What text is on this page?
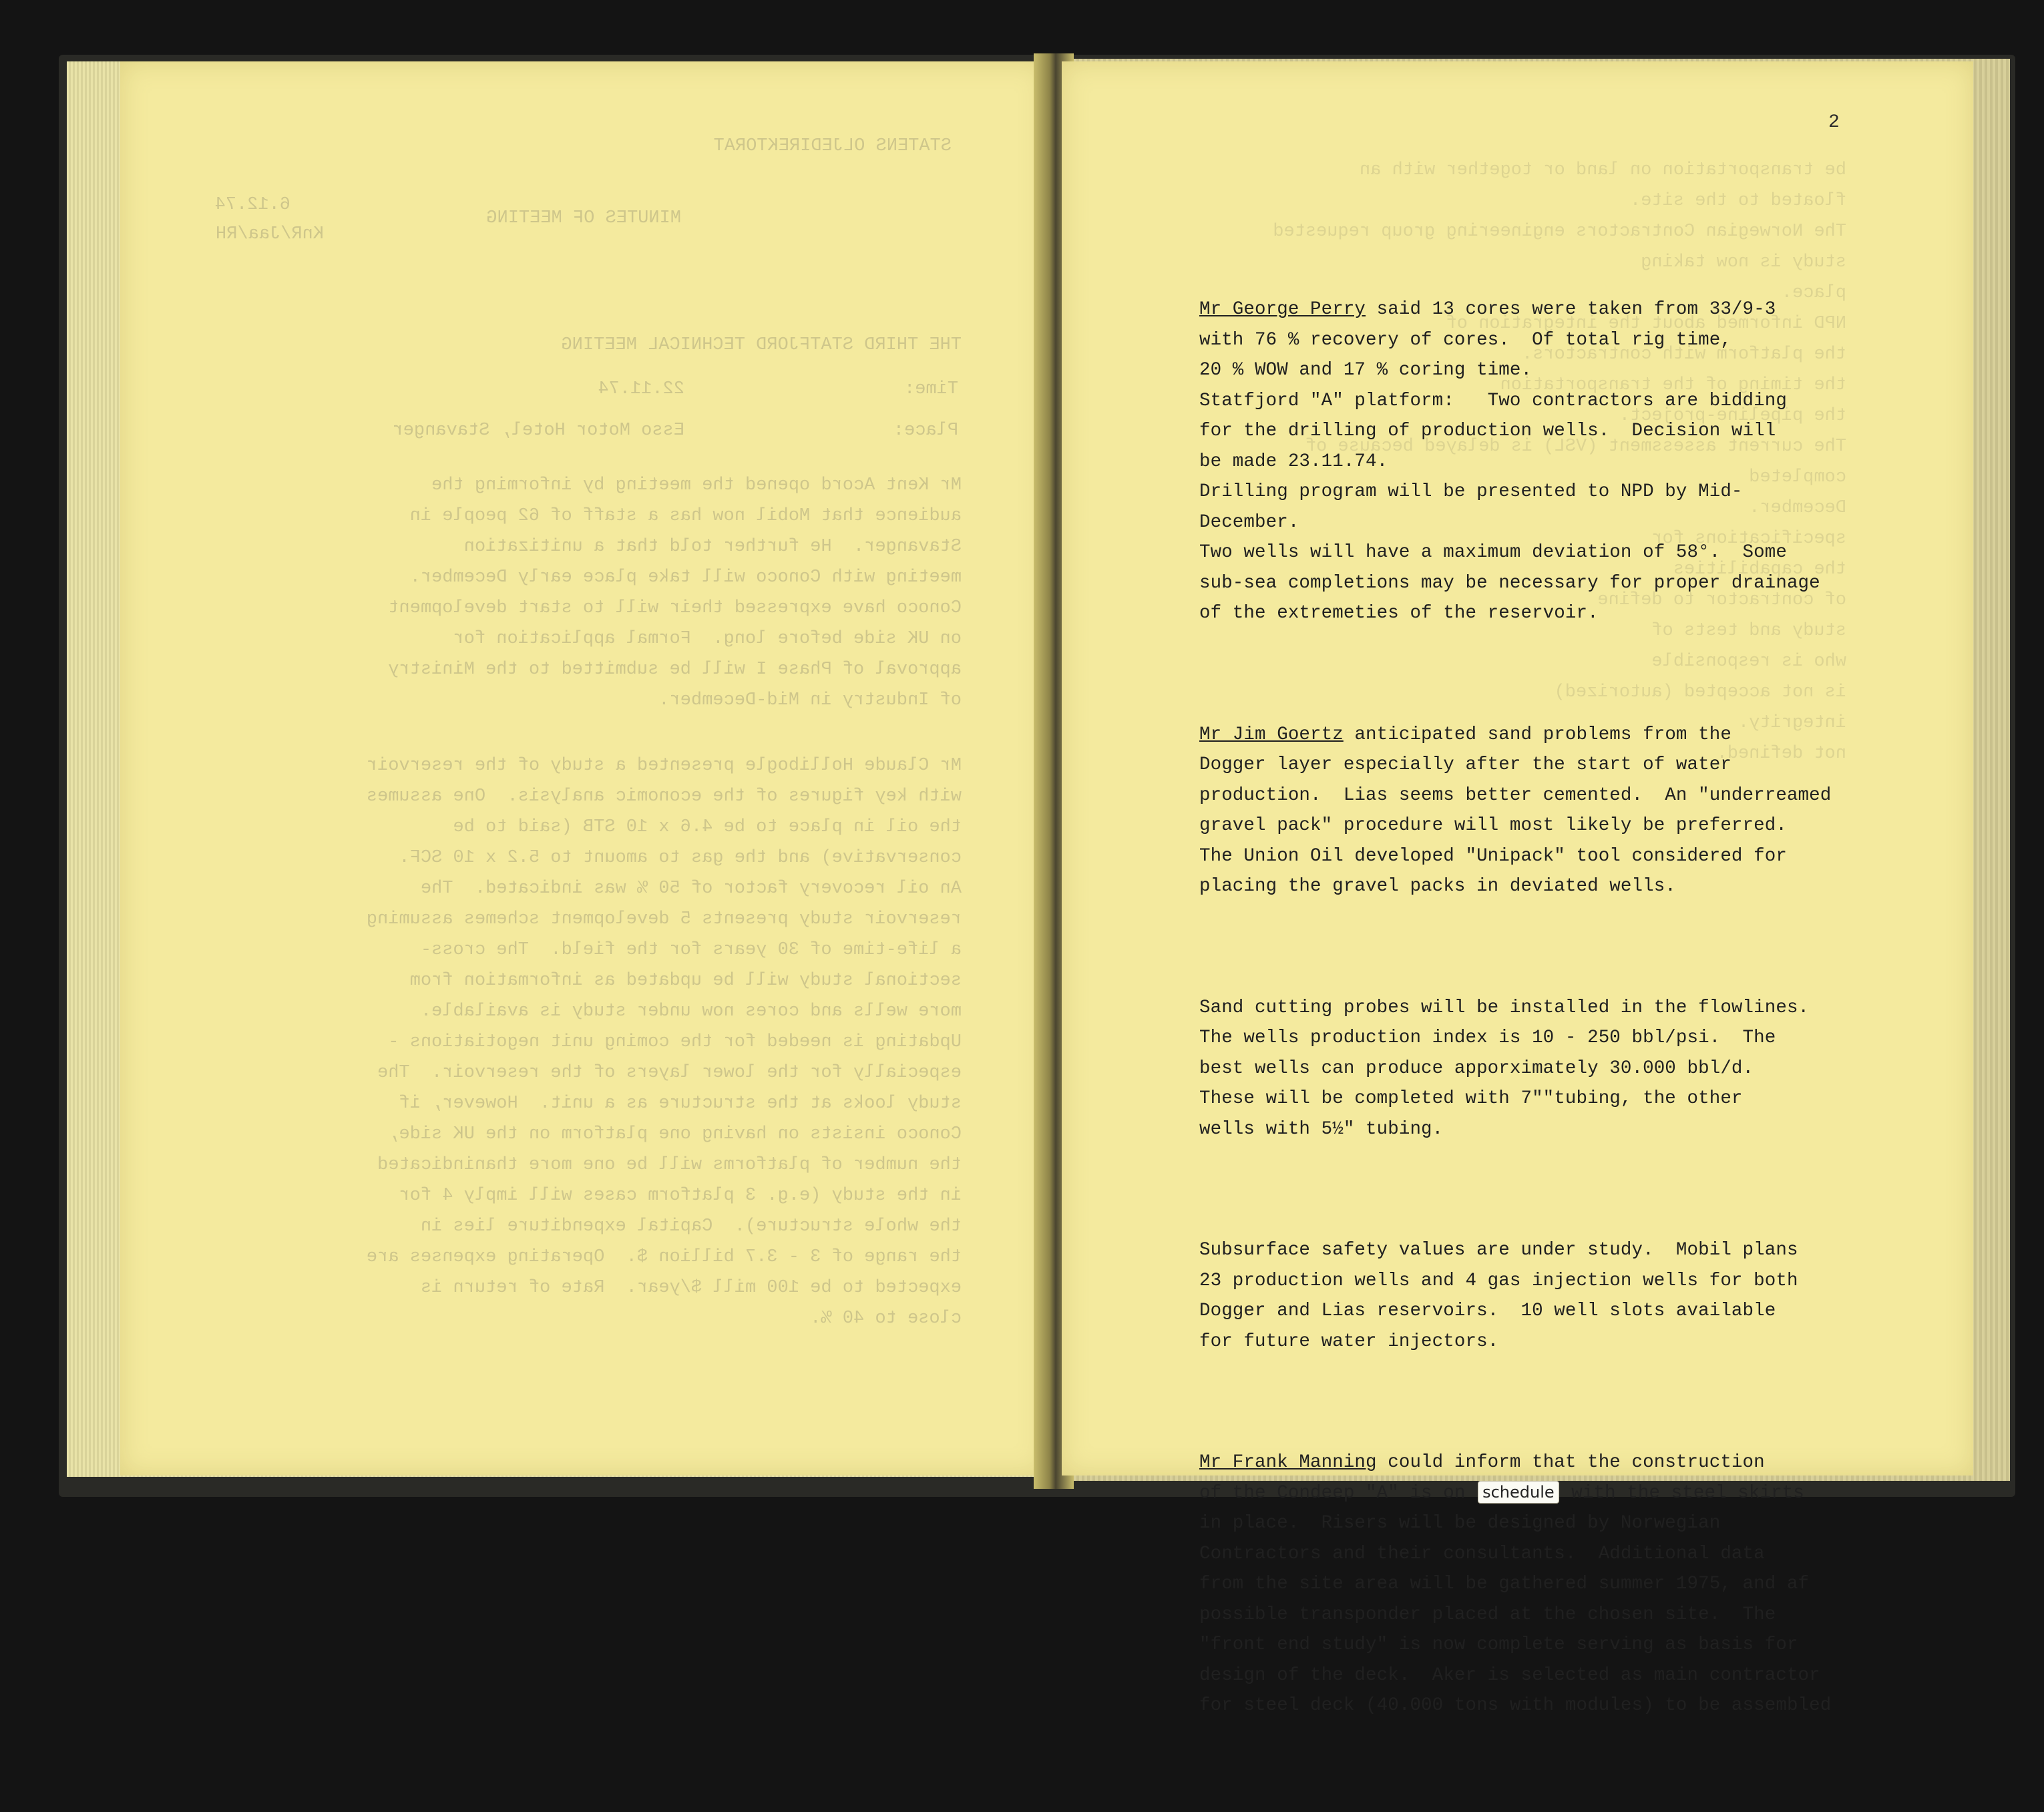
STATENS OLJEDIREKTORAT
MINUTES OF MEETING
6.12.74
KnR/Jaa/RH
THE THIRD STATFJORD TECHNICAL MEETING
Time:
22.11.74
Place:
Esso Motor Hotel, Stavanger
Mr Kent Acord opened the meeting by informing the
audience that Mobil now has a staff of 62 people in
Stavanger.  He further told that a unitization
meeting with Conoco will take place early December.
Conoco have expressed their will to start development
on UK side before long.  Formal application for
approval of Phase I will be submitted to the Ministry
of Industry in Mid-December.
Mr Claude Hollibogle presented a study of the reservoir
with key figures of the economic analysis.  One assumes
the oil in place to be 4.6 x 10 STB (said to be
conservative) and the gas to amount to 5.2 x 10 SCF.
An oil recovery factor of 50 % was indicated.  The
reservoir study presents 5 development schemes assuming
a life-time of 30 years for the field.  The cross-
sectional study will be updated as information from
more wells and cores now under study is available.
Updating is needed for the coming unit negotiations -
especially for the lower layers of the reservoir.  The
study looks at the structure as a unit.  However, if
Conoco insists on having one platform on the UK side,
the number of platforms will be one more thanindicated
in the study (e.g. 3 platform cases will imply 4 for
the whole structure).  Capital expenditure lies in
the range of 3 - 3.7 billion $.  Operating expenses are
expected to be 100 mill $/year.  Rate of return is
close to 40 %.
be transportation on land or together with an
floated to the site.
The Norwegian Contractors engineering group requested
study is now taking
place.
NPD informed about the integration of
the platform with contractors.
the timing of the transportation
the pipeline-project.
The current assessment (VSL) is delayed because of
completed
December.
specifications for
the capabilities
of contractor to define
study and tests of
who is responsible
is not accepted (autorized)
integrity.
not defined.
2

Mr George Perry said 13 cores were taken from 33/9-3
with 76 % recovery of cores.  Of total rig time,
20 % WOW and 17 % coring time.
Statfjord "A" platform:   Two contractors are bidding
for the drilling of production wells.  Decision will
be made 23.11.74.
Drilling program will be presented to NPD by Mid-
December.
Two wells will have a maximum deviation of 58°.  Some
sub-sea completions may be necessary for proper drainage
of the extremeties of the reservoir.

Mr Jim Goertz anticipated sand problems from the
Dogger layer especially after the start of water
production.  Lias seems better cemented.  An "underreamed
gravel pack" procedure will most likely be preferred.
The Union Oil developed "Unipack" tool considered for
placing the gravel packs in deviated wells.

Sand cutting probes will be installed in the flowlines.
The wells production index is 10 - 250 bbl/psi.  The
best wells can produce apporximately 30.000 bbl/d.
These will be completed with 7""tubing, the other
wells with 5½" tubing.

Subsurface safety values are under study.  Mobil plans
23 production wells and 4 gas injection wells for both
Dogger and Lias reservoirs.  10 well slots available
for future water injectors.

Mr Frank Manning could inform that the construction
of the Condeep "A" is on schedule with the steel skirts
in place.  Risers will be designed by Norwegian
Contractors and their consultants.  Additional data
from the site area will be gathered summer 1975, and af
possible transponder placed at the chosen site.  The
"front end study" is now complete serving as basis for
design of the deck.  Aker is selected as main contractor
for steel deck (40.000 tons with modules) to be assembled
